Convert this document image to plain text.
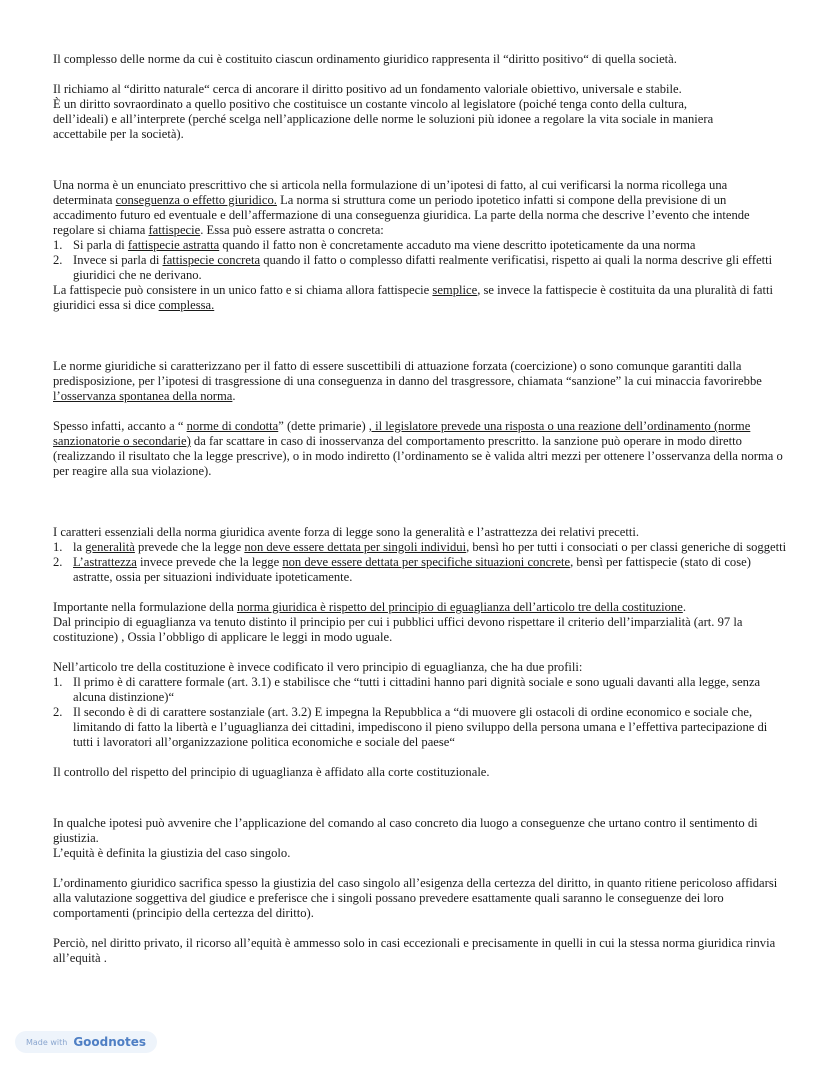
Il complesso delle norme da cui è costituito ciascun ordinamento giuridico rappresenta il “diritto positivo“ di quella società.

Il richiamo al “diritto naturale“ cerca di ancorare il diritto positivo ad un fondamento valoriale obiettivo, universale e stabile.

È un diritto sovraordinato a quello positivo che costituisce un costante vincolo al legislatore (poiché tenga conto della cultura,

dell’ideali) e all’interprete (perché scelga nell’applicazione delle norme le soluzioni più idonee a regolare la vita sociale in maniera

accettabile per la società).

Una norma è un enunciato prescrittivo che si articola nella formulazione di un’ipotesi di fatto, al cui verificarsi la norma ricollega una determinata conseguenza o effetto giuridico. La norma si struttura come un periodo ipotetico infatti si compone della previsione di un accadimento futuro ed eventuale e dell’affermazione di una conseguenza giuridica. La parte della norma che descrive l’evento che intende regolare si chiama fattispecie. Essa può essere astratta o concreta:

1. Si parla di fattispecie astratta quando il fatto non è concretamente accaduto ma viene descritto ipoteticamente da una norma
2. Invece si parla di fattispecie concreta quando il fatto o complesso difatti realmente verificatisi, rispetto ai quali la norma descrive gli effetti giuridici che ne derivano.

La fattispecie può consistere in un unico fatto e si chiama allora fattispecie semplice, se invece la fattispecie è costituita da una pluralità di fatti giuridici essa si dice complessa.

Le norme giuridiche si caratterizzano per il fatto di essere suscettibili di attuazione forzata (coercizione) o sono comunque garantiti dalla predisposizione, per l’ipotesi di trasgressione di una conseguenza in danno del trasgressore, chiamata “sanzione” la cui minaccia favorirebbe l’osservanza spontanea della norma.

Spesso infatti, accanto a “ norme di condotta” (dette primarie) , il legislatore prevede una risposta o una reazione dell’ordinamento (norme sanzionatorie o secondarie) da far scattare in caso di inosservanza del comportamento prescritto. la sanzione può operare in modo diretto (realizzando il risultato che la legge prescrive), o in modo indiretto (l’ordinamento se è valida altri mezzi per ottenere l’osservanza della norma o per reagire alla sua violazione).

I caratteri essenziali della norma giuridica avente forza di legge sono la generalità e l’astrattezza dei relativi precetti.

1. la generalità prevede che la legge non deve essere dettata per singoli individui, bensì ho per tutti i consociati o per classi generiche di soggetti
2. L’astrattezza invece prevede che la legge non deve essere dettata per specifiche situazioni concrete, bensì per fattispecie (stato di cose) astratte, ossia per situazioni individuate ipoteticamente.

Importante nella formulazione della norma giuridica è rispetto del principio di eguaglianza dell’articolo tre della costituzione.

Dal principio di eguaglianza va tenuto distinto il principio per cui i pubblici uffici devono rispettare il criterio dell’imparzialità (art. 97 la costituzione) , Ossia l’obbligo di applicare le leggi in modo uguale.

Nell’articolo tre della costituzione è invece codificato il vero principio di eguaglianza, che ha due profili:

1. Il primo è di carattere formale (art. 3.1) e stabilisce che “tutti i cittadini hanno pari dignità sociale e sono uguali davanti alla legge, senza alcuna distinzione)“
2. Il secondo è di di carattere sostanziale (art. 3.2) E impegna la Repubblica a “di muovere gli ostacoli di ordine economico e sociale che, limitando di fatto la libertà e l’uguaglianza dei cittadini, impediscono il pieno sviluppo della persona umana e l’effettiva partecipazione di tutti i lavoratori all’organizzazione politica economiche e sociale del paese“

Il controllo del rispetto del principio di uguaglianza è affidato alla corte costituzionale.

In qualche ipotesi può avvenire che l’applicazione del comando al caso concreto dia luogo a conseguenze che urtano contro il sentimento di giustizia.

L’equità è definita la giustizia del caso singolo.

L’ordinamento giuridico sacrifica spesso la giustizia del caso singolo all’esigenza della certezza del diritto, in quanto ritiene pericoloso affidarsi alla valutazione soggettiva del giudice e preferisce che i singoli possano prevedere esattamente quali saranno le conseguenze dei loro comportamenti (principio della certezza del diritto).

Perciò, nel diritto privato, il ricorso all’equità è ammesso solo in casi eccezionali e precisamente in quelli in cui la stessa norma giuridica rinvia all’equità .

Made with Goodnotes
